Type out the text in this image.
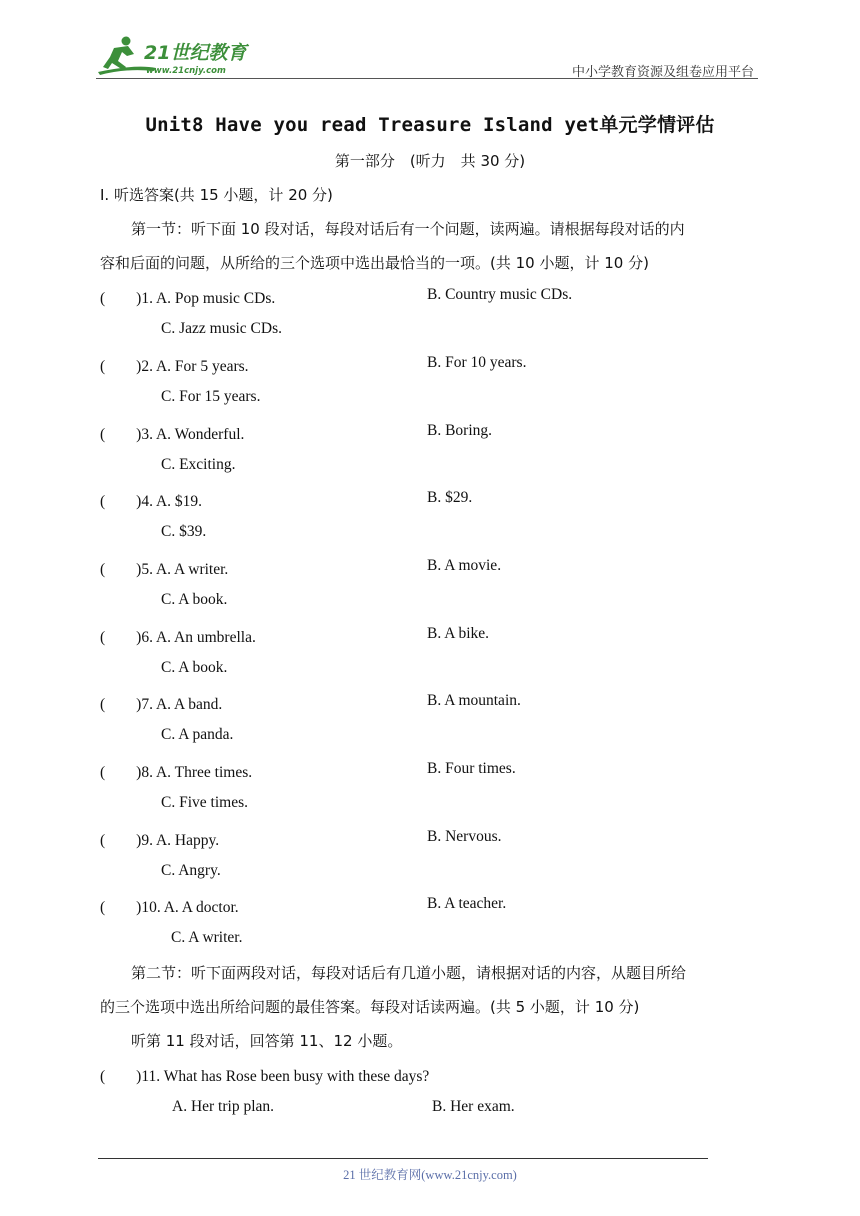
21世纪教育
www.21cnjy.com	中小学教育资源及组卷应用平台
Unit8 Have you read Treasure Island yet单元学情评估
第一部分　(听力　共 30 分)
Ⅰ. 听选答案(共 15 小题，计 20 分)
第一节：听下面 10 段对话，每段对话后有一个问题，读两遍。请根据每段对话的内
容和后面的问题，从所给的三个选项中选出最恰当的一项。(共 10 小题，计 10 分)
(　　)1. A. Pop music CDs.	B. Country music CDs.
C. Jazz music CDs.
(　　)2. A. For 5 years.	B. For 10 years.
C. For 15 years.
(　　)3. A. Wonderful.	B. Boring.
C. Exciting.
(　　)4. A. $19.	B. $29.
C. $39.
(　　)5. A. A writer.	B. A movie.
C. A book.
(　　)6. A. An umbrella.	B. A bike.
C. A book.
(　　)7. A. A band.	B. A mountain.
C. A panda.
(　　)8. A. Three times.	B. Four times.
C. Five times.
(　　)9. A. Happy.	B. Nervous.
C. Angry.
(　　)10. A. A doctor.	B. A teacher.
C. A writer.
第二节：听下面两段对话，每段对话后有几道小题，请根据对话的内容，从题目所给
的三个选项中选出所给问题的最佳答案。每段对话读两遍。(共 5 小题，计 10 分)
听第 11 段对话，回答第 11、12 小题。
(　　)11. What has Rose been busy with these days?
A. Her trip plan.	B. Her exam.
21 世纪教育网(www.21cnjy.com)
